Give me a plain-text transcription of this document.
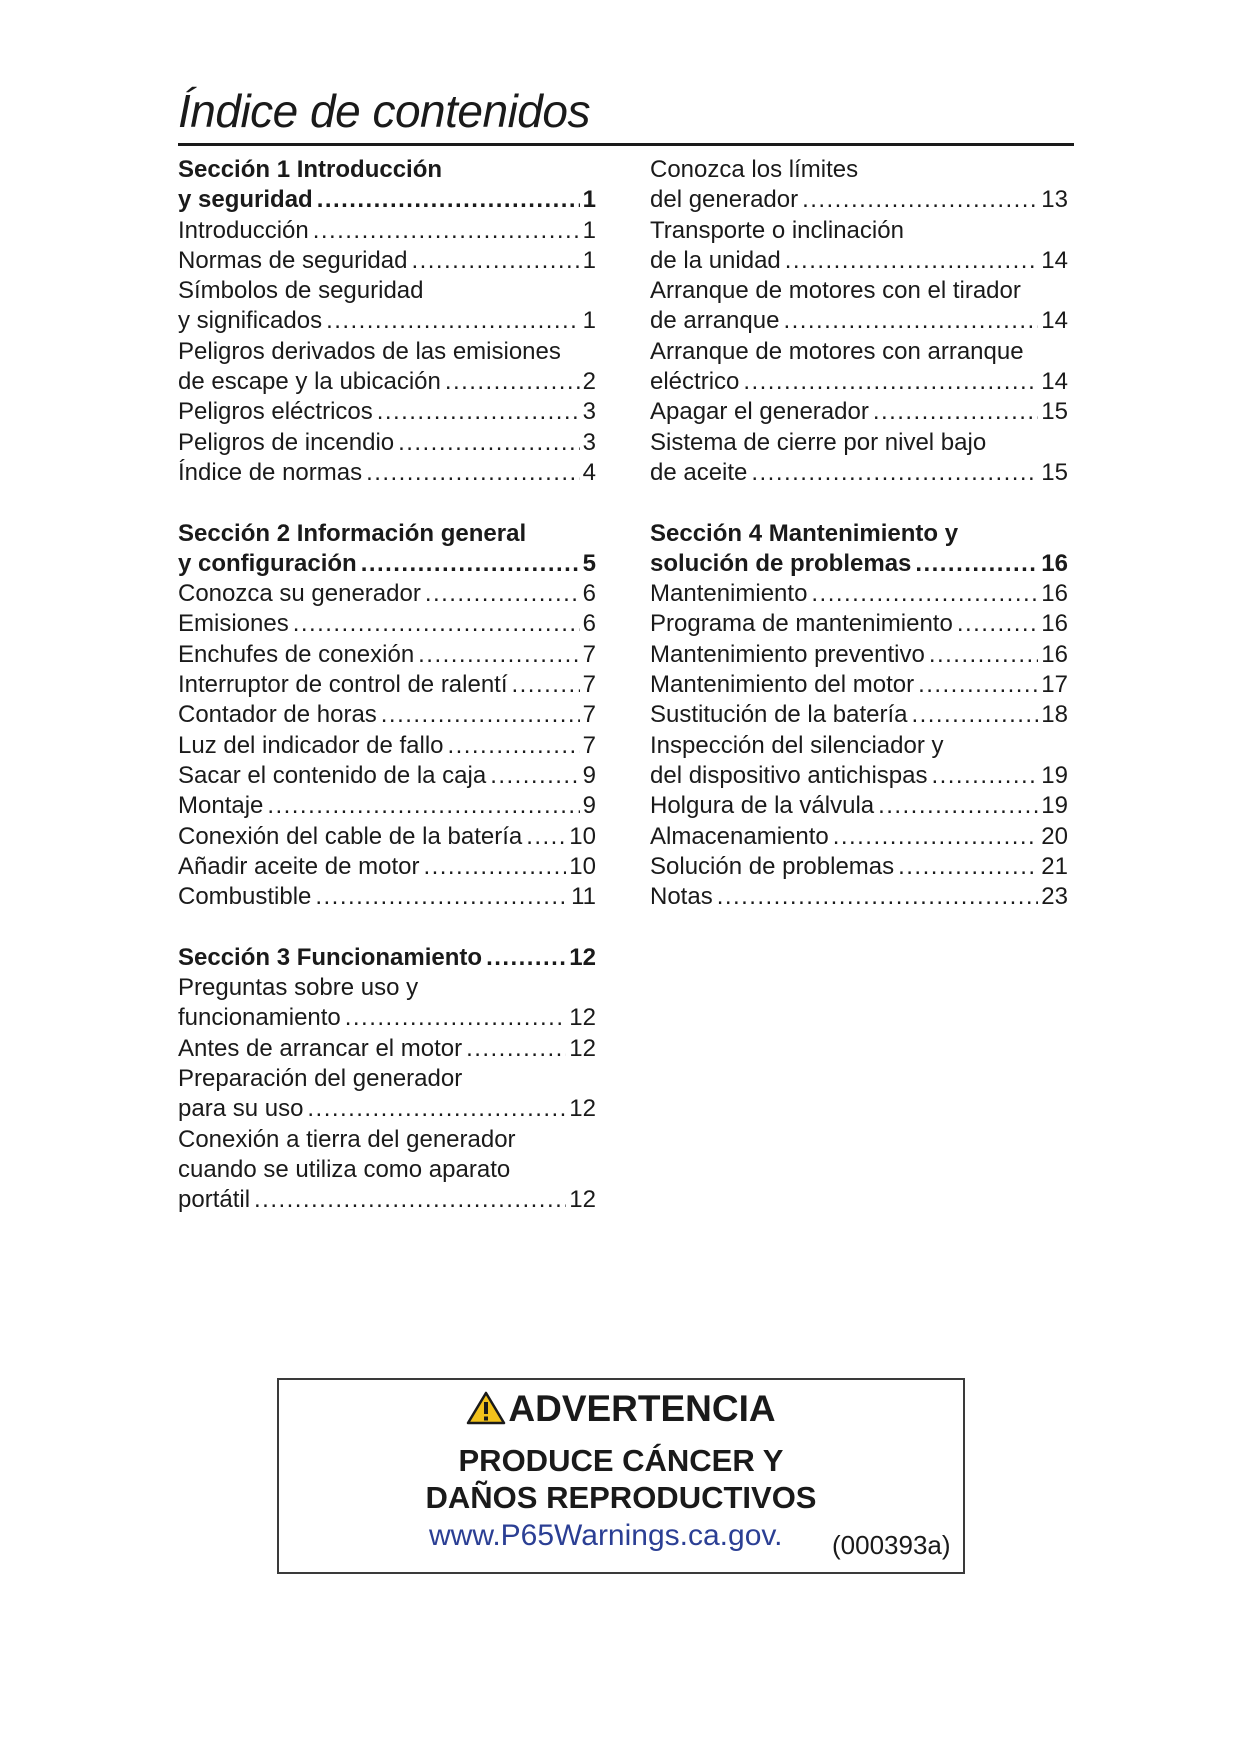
Índice de contenidos
Sección 1 Introducción
y seguridad . . .	1
Introducción . . .	1
Normas de seguridad . . .	1
Símbolos de seguridad
y significados . . .	1
Peligros derivados de las emisiones
de escape y la ubicación . . .	2
Peligros eléctricos . . .	3
Peligros de incendio . . .	3
Índice de normas . . .	4
Sección 2 Información general
y configuración . . .	5
Conozca su generador . . .	6
Emisiones . . .	6
Enchufes de conexión . . .	7
Interruptor de control de ralentí . . .	7
Contador de horas . . .	7
Luz del indicador de fallo . . .	7
Sacar el contenido de la caja . . .	9
Montaje . . .	9
Conexión del cable de la batería . . . 10
Añadir aceite de motor . . .	10
Combustible . . .	11
Sección 3 Funcionamiento . . .	12
Preguntas sobre uso y
funcionamiento . . .	12
Antes de arrancar el motor . . .	12
Preparación del generador
para su uso . . .	12
Conexión a tierra del generador
cuando se utiliza como aparato
portátil . . .	12
Conozca los límites
del generador . . .	13
Transporte o inclinación
de la unidad . . .	14
Arranque de motores con el tirador
de arranque . . .	14
Arranque de motores con arranque
eléctrico . . .	14
Apagar el generador . . .	15
Sistema de cierre por nivel bajo
de aceite . . .	15
Sección 4 Mantenimiento y
solución de problemas . . .	16
Mantenimiento . . .	16
Programa de mantenimiento . . .	16
Mantenimiento preventivo . . .	16
Mantenimiento del motor . . .	17
Sustitución de la batería . . .	18
Inspección del silenciador y
del dispositivo antichispas . . .	19
Holgura de la válvula . . .	19
Almacenamiento . . .	20
Solución de problemas . . .	21
Notas . . .	23
ADVERTENCIA
PRODUCE CÁNCER Y
DAÑOS REPRODUCTIVOS
www.P65Warnings.ca.gov. (000393a)
